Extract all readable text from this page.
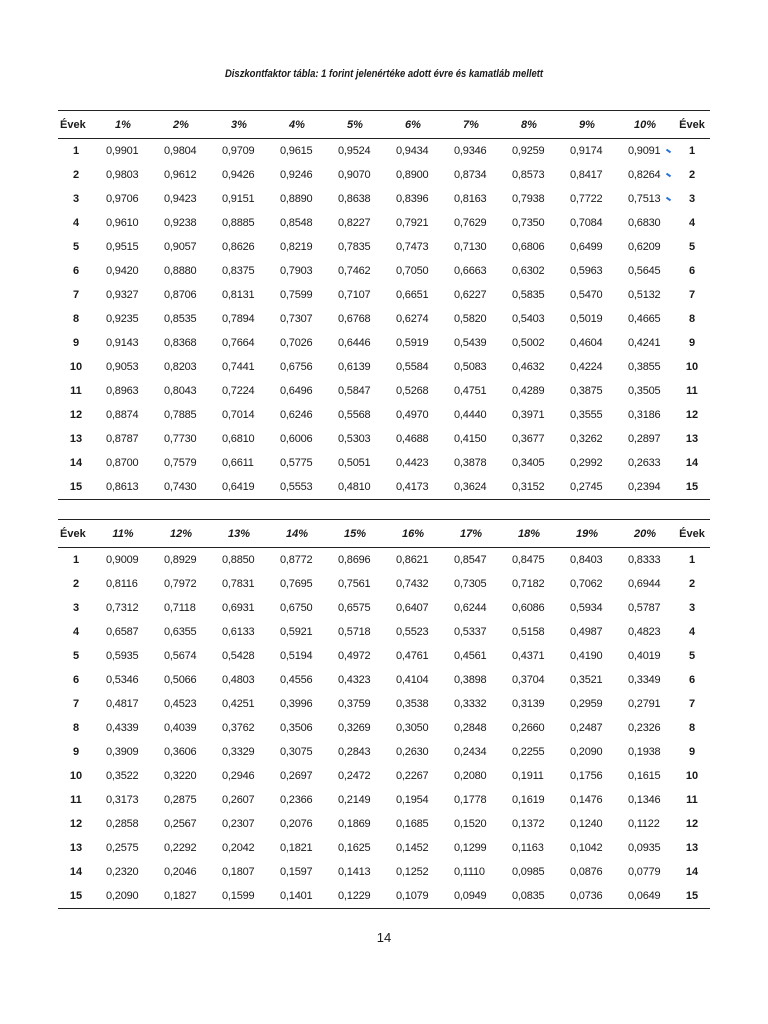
Diszkontfaktor tábla: 1 forint jelenértéke adott évre és kamatláb mellett
Évek	1%	2%	3%	4%	5%	6%	7%	8%	9%	10%	Évek
1	0,9901	0,9804	0,9709	0,9615	0,9524	0,9434	0,9346	0,9259	0,9174	0,9091	1
2	0,9803	0,9612	0,9426	0,9246	0,9070	0,8900	0,8734	0,8573	0,8417	0,8264	2
3	0,9706	0,9423	0,9151	0,8890	0,8638	0,8396	0,8163	0,7938	0,7722	0,7513	3
4	0,9610	0,9238	0,8885	0,8548	0,8227	0,7921	0,7629	0,7350	0,7084	0,6830	4
5	0,9515	0,9057	0,8626	0,8219	0,7835	0,7473	0,7130	0,6806	0,6499	0,6209	5
6	0,9420	0,8880	0,8375	0,7903	0,7462	0,7050	0,6663	0,6302	0,5963	0,5645	6
7	0,9327	0,8706	0,8131	0,7599	0,7107	0,6651	0,6227	0,5835	0,5470	0,5132	7
8	0,9235	0,8535	0,7894	0,7307	0,6768	0,6274	0,5820	0,5403	0,5019	0,4665	8
9	0,9143	0,8368	0,7664	0,7026	0,6446	0,5919	0,5439	0,5002	0,4604	0,4241	9
10	0,9053	0,8203	0,7441	0,6756	0,6139	0,5584	0,5083	0,4632	0,4224	0,3855	10
11	0,8963	0,8043	0,7224	0,6496	0,5847	0,5268	0,4751	0,4289	0,3875	0,3505	11
12	0,8874	0,7885	0,7014	0,6246	0,5568	0,4970	0,4440	0,3971	0,3555	0,3186	12
13	0,8787	0,7730	0,6810	0,6006	0,5303	0,4688	0,4150	0,3677	0,3262	0,2897	13
14	0,8700	0,7579	0,6611	0,5775	0,5051	0,4423	0,3878	0,3405	0,2992	0,2633	14
15	0,8613	0,7430	0,6419	0,5553	0,4810	0,4173	0,3624	0,3152	0,2745	0,2394	15
Évek	11%	12%	13%	14%	15%	16%	17%	18%	19%	20%	Évek
1	0,9009	0,8929	0,8850	0,8772	0,8696	0,8621	0,8547	0,8475	0,8403	0,8333	1
2	0,8116	0,7972	0,7831	0,7695	0,7561	0,7432	0,7305	0,7182	0,7062	0,6944	2
3	0,7312	0,7118	0,6931	0,6750	0,6575	0,6407	0,6244	0,6086	0,5934	0,5787	3
4	0,6587	0,6355	0,6133	0,5921	0,5718	0,5523	0,5337	0,5158	0,4987	0,4823	4
5	0,5935	0,5674	0,5428	0,5194	0,4972	0,4761	0,4561	0,4371	0,4190	0,4019	5
6	0,5346	0,5066	0,4803	0,4556	0,4323	0,4104	0,3898	0,3704	0,3521	0,3349	6
7	0,4817	0,4523	0,4251	0,3996	0,3759	0,3538	0,3332	0,3139	0,2959	0,2791	7
8	0,4339	0,4039	0,3762	0,3506	0,3269	0,3050	0,2848	0,2660	0,2487	0,2326	8
9	0,3909	0,3606	0,3329	0,3075	0,2843	0,2630	0,2434	0,2255	0,2090	0,1938	9
10	0,3522	0,3220	0,2946	0,2697	0,2472	0,2267	0,2080	0,1911	0,1756	0,1615	10
11	0,3173	0,2875	0,2607	0,2366	0,2149	0,1954	0,1778	0,1619	0,1476	0,1346	11
12	0,2858	0,2567	0,2307	0,2076	0,1869	0,1685	0,1520	0,1372	0,1240	0,1122	12
13	0,2575	0,2292	0,2042	0,1821	0,1625	0,1452	0,1299	0,1163	0,1042	0,0935	13
14	0,2320	0,2046	0,1807	0,1597	0,1413	0,1252	0,1110	0,0985	0,0876	0,0779	14
15	0,2090	0,1827	0,1599	0,1401	0,1229	0,1079	0,0949	0,0835	0,0736	0,0649	15
14
